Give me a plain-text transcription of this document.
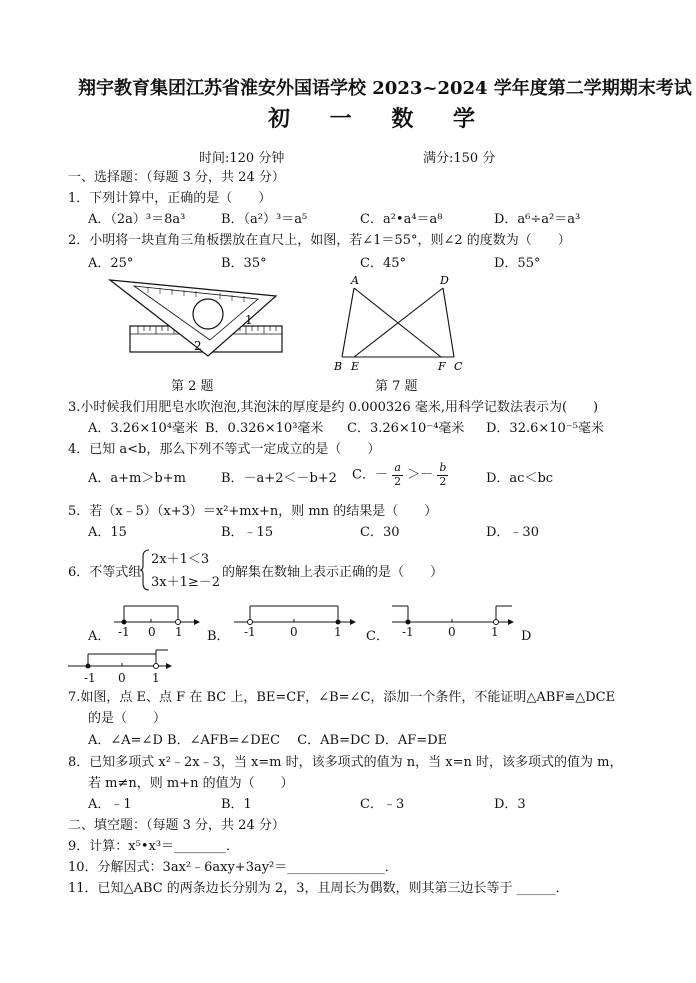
翔宇教育集团江苏省淮安外国语学校 2023~2024 学年度第二学期期末考试
初 一 数 学
时间:120 分钟	满分:150 分
一、选择题：（每题 3 分，共 24 分）
1．下列计算中，正确的是（　　）
A．（2a）³＝8a³	B．（a²）³＝a⁵	C．a²•a⁴＝a⁸	D．a⁶÷a²＝a³
2．小明将一块直角三角板摆放在直尺上，如图，若∠1＝55°，则∠2 的度数为（　　）
A．25°	B．35°	C．45°	D．55°
1
2
第 2 题
A	D
B E	F C
第 7 题
3.小时候我们用肥皂水吹泡泡,其泡沫的厚度是约 0.000326 毫米,用科学记数法表示为(　　)
A．3.26×10⁴毫米 B．0.326×10³毫米 C．3.26×10⁻⁴毫米 D．32.6×10⁻⁵毫米
4．已知 a<b，那么下列不等式一定成立的是（　　）
A．a+m＞b+m	B．－a+2＜－b+2 C．－ $\frac{a}{2} >- \frac{b}{2}$	D．ac＜bc
5．若（x﹣5）（x+3）＝x²+mx+n，则 mn 的结果是（　　）
A．15	B．﹣15	C．30	D．﹣30
6．不等式组
2x＋1＜3
3x＋1≥－2
的解集在数轴上表示正确的是（　　）
A． -1 0 1 B． -1	0	1 C． -1	0	1 D
-1 0 1
7.如图，点 E、点 F 在 BC 上，BE=CF，∠B=∠C，添加一个条件，不能证明△ABF≌△DCE
的是（　　）
A．∠A=∠D B．∠AFB=∠DEC　 C．AB=DC D．AF=DE
8．已知多项式 x²﹣2x﹣3，当 x=m 时，该多项式的值为 n，当 x=n 时，该多项式的值为 m，
若 m≠n，则 m+n 的值为（　　）
A．﹣1	B．1	C．﹣3	D．3
二、填空题：（每题 3 分，共 24 分）
9．计算：x⁵•x³＝________．
10．分解因式：3ax²﹣6axy+3ay²＝_______________．
11．已知△ABC 的两条边长分别为 2，3，且周长为偶数，则其第三边长等于 ______．
